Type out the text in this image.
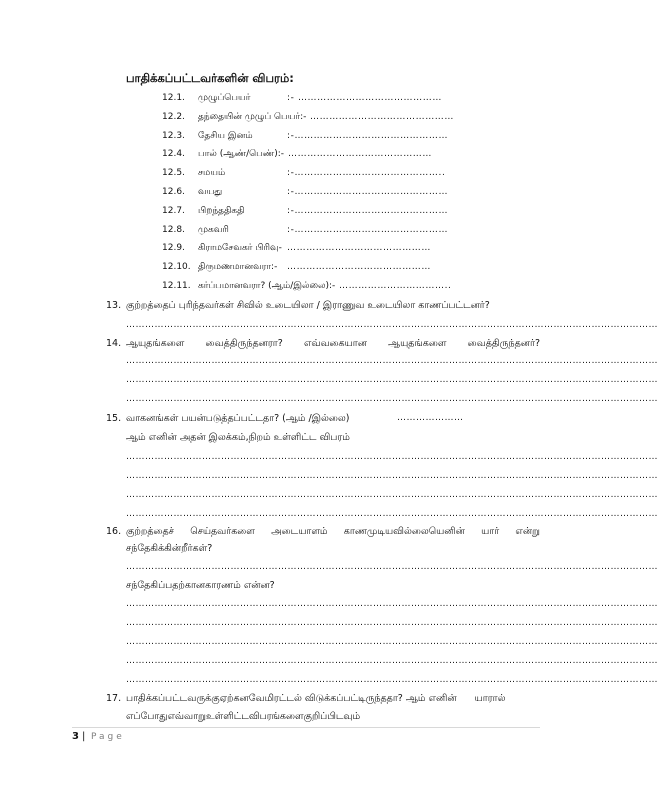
பாதிக்கப்பட்டவர்களின் விபரம்:
12.1. முழுப்பெயர்	:- ………………………………………
12.2. தந்தையின் முழுப் பெயர்:- ………………………………………
12.3. தேசிய இனம்	:-…………………………………………
12.4. பால் (ஆண்/பெண்):- ………………………………………
12.5. சமயம்	:-………………………………………..
12.6. வயது	:-…………………………………………
12.7. பிறந்ததிகதி	:-…………………………………………
12.8. முகவரி	:-…………………………………………
12.9. கிராமசேவகர் பிரிவு- ………………………………………
12.10. திருமணமானவரா:- ………………………………………
12.11. கர்ப்பமானவரா? (ஆம்/இல்லை):- ……………………………..
13. குற்றத்தைப் புரிந்தவர்கள் சிவில் உடையிலா / இராணுவ உடையிலா காணப்பட்டனர்?
……………………………………………………………………………………………………………………………………………………
14. ஆயுதங்களை வைத்திருந்தனரா? எவ்வகையான ஆயுதங்களை வைத்திருந்தனர்?
……………………………………………………………………………………………………………………………………………………
……………………………………………………………………………………………………………………………………………………
……………………………………………………………………………………………………………………………………………………
15. வாகனங்கள் பயன்படுத்தப்பட்டதா? (ஆம் /இல்லை)	…………………
ஆம் எனின் அதன் இலக்கம்,நிறம் உள்ளிட்ட விபரம்
……………………………………………………………………………………………………………………………………………………
……………………………………………………………………………………………………………………………………………………
……………………………………………………………………………………………………………………………………………………
……………………………………………………………………………………………………………………………………………………
16. குற்றத்தைச் செய்தவர்களை அடையாளம் காணமுடியவில்லையெனின் யார் என்று
சந்தேகிக்கின்றீர்கள்?
……………………………………………………………………………………………………………………………………………………
சந்தேகிப்பதற்கானகாரணம் என்ன?
……………………………………………………………………………………………………………………………………………………
……………………………………………………………………………………………………………………………………………………
……………………………………………………………………………………………………………………………………………………
……………………………………………………………………………………………………………………………………………………
……………………………………………………………………………………………………………………………………………………
17. பாதிக்கப்பட்டவருக்குஏற்கனவேமிரட்டல் விடுக்கப்பட்டிருந்ததா? ஆம் எனின்      யாரால்
எப்போதுஎவ்வாறுஉள்ளிட்டவிபரங்களைகுறிப்பிடவும்
3 | Page
